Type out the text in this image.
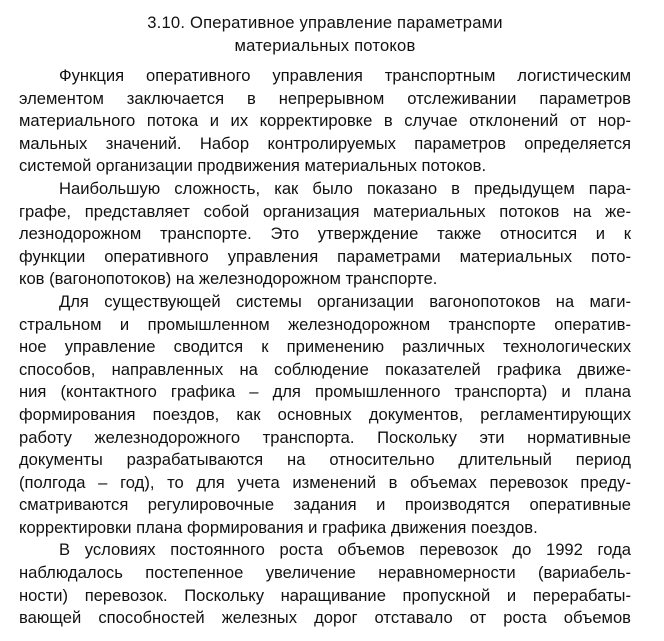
3.10. Оперативное управление параметрами
материальных потоков

Функция оперативного управления транспортным логистическим
элементом заключается в непрерывном отслеживании параметров
материального потока и их корректировке в случае отклонений от нор-
мальных значений. Набор контролируемых параметров определяется
системой организации продвижения материальных потоков.

Наибольшую сложность, как было показано в предыдущем пара-
графе, представляет собой организация материальных потоков на же-
лезнодорожном транспорте. Это утверждение также относится и к
функции оперативного управления параметрами материальных пото-
ков (вагонопотоков) на железнодорожном транспорте.

Для существующей системы организации вагонопотоков на маги-
стральном и промышленном железнодорожном транспорте оператив-
ное управление сводится к применению различных технологических
способов, направленных на соблюдение показателей графика движе-
ния (контактного графика – для промышленного транспорта) и плана
формирования поездов, как основных документов, регламентирующих
работу железнодорожного транспорта. Поскольку эти нормативные
документы разрабатываются на относительно длительный период
(полгода – год), то для учета изменений в объемах перевозок преду-
сматриваются регулировочные задания и производятся оперативные
корректировки плана формирования и графика движения поездов.

В условиях постоянного роста объемов перевозок до 1992 года
наблюдалось постепенное увеличение неравномерности (вариабель-
ности) перевозок. Поскольку наращивание пропускной и перерабаты-
вающей способностей железных дорог отставало от роста объемов
